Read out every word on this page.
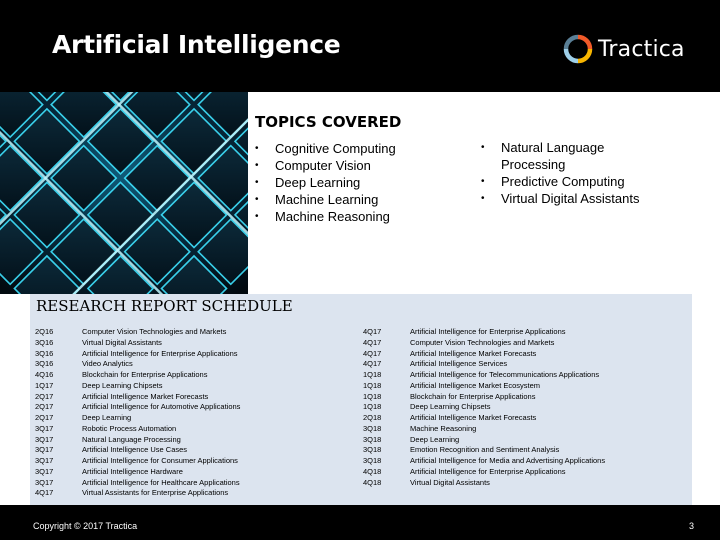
Artificial Intelligence	Tractica
TOPICS COVERED
• Cognitive Computing
• Computer Vision
• Deep Learning
• Machine Learning
• Machine Reasoning
• Natural Language Processing
• Predictive Computing
• Virtual Digital Assistants
RESEARCH REPORT SCHEDULE
2Q16	Computer Vision Technologies and Markets
3Q16	Virtual Digital Assistants
3Q16	Artificial Intelligence for Enterprise Applications
3Q16	Video Analytics
4Q16	Blockchain for Enterprise Applications
1Q17	Deep Learning Chipsets
2Q17	Artificial Intelligence Market Forecasts
2Q17	Artificial Intelligence for Automotive Applications
2Q17	Deep Learning
3Q17	Robotic Process Automation
3Q17	Natural Language Processing
3Q17	Artificial Intelligence Use Cases
3Q17	Artificial Intelligence for Consumer Applications
3Q17	Artificial Intelligence Hardware
3Q17	Artificial Intelligence for Healthcare Applications
4Q17	Virtual Assistants for Enterprise Applications
4Q17	Artificial Intelligence for Enterprise Applications
4Q17	Computer Vision Technologies and Markets
4Q17	Artificial Intelligence Market Forecasts
4Q17	Artificial Intelligence Services
1Q18	Artificial Intelligence for Telecommunications Applications
1Q18	Artificial Intelligence Market Ecosystem
1Q18	Blockchain for Enterprise Applications
1Q18	Deep Learning Chipsets
2Q18	Artificial Intelligence Market Forecasts
3Q18	Machine Reasoning
3Q18	Deep Learning
3Q18	Emotion Recognition and Sentiment Analysis
3Q18	Artificial Intelligence for Media and Advertising Applications
4Q18	Artificial Intelligence for Enterprise Applications
4Q18	Virtual Digital Assistants
Copyright © 2017 Tractica	3
